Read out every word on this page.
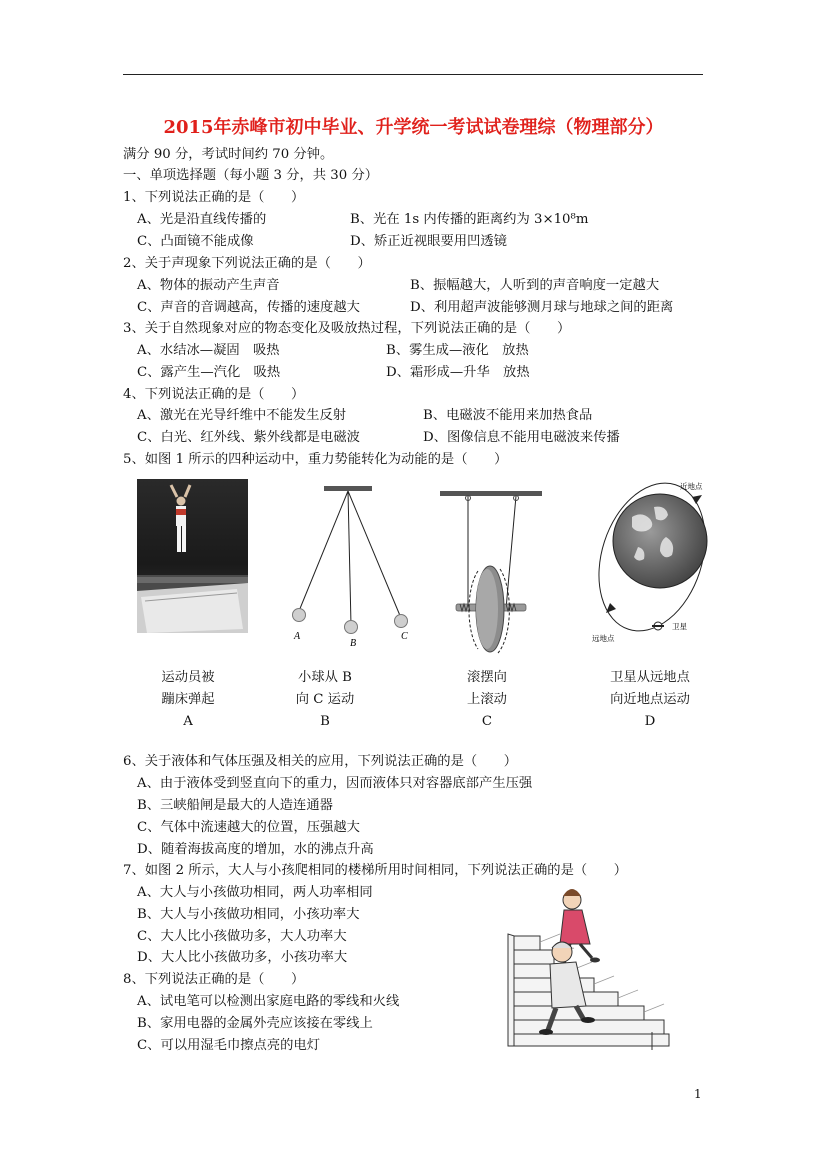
2015年赤峰市初中毕业、升学统一考试试卷理综（物理部分）
满分 90 分，考试时间约 70 分钟。
一、单项选择题（每小题 3 分，共 30 分）
1、下列说法正确的是（　　）
A、光是沿直线传播的	B、光在 1s 内传播的距离约为 3×10⁸m
C、凸面镜不能成像	D、矫正近视眼要用凹透镜
2、关于声现象下列说法正确的是（　　）
A、物体的振动产生声音	B、振幅越大，人听到的声音响度一定越大
C、声音的音调越高，传播的速度越大	D、利用超声波能够测月球与地球之间的距离
3、关于自然现象对应的物态变化及吸放热过程，下列说法正确的是（　　）
A、水结冰—凝固　吸热	B、雾生成—液化　放热
C、露产生—汽化　吸热	D、霜形成—升华　放热
4、下列说法正确的是（　　）
A、激光在光导纤维中不能发生反射	B、电磁波不能用来加热食品
C、白光、红外线、紫外线都是电磁波	D、图像信息不能用电磁波来传播
5、如图 1 所示的四种运动中，重力势能转化为动能的是（　　）
A
B
C
近地点
卫星
远地点
运动员被
蹦床弹起
A
小球从 B
向 C 运动
B
滚摆向
上滚动
C
卫星从远地点
向近地点运动
D
6、关于液体和气体压强及相关的应用，下列说法正确的是（　　）
A、由于液体受到竖直向下的重力，因而液体只对容器底部产生压强
B、三峡船闸是最大的人造连通器
C、气体中流速越大的位置，压强越大
D、随着海拔高度的增加，水的沸点升高
7、如图 2 所示，大人与小孩爬相同的楼梯所用时间相同，下列说法正确的是（　　）
A、大人与小孩做功相同，两人功率相同
B、大人与小孩做功相同，小孩功率大
C、大人比小孩做功多，大人功率大
D、大人比小孩做功多，小孩功率大
8、下列说法正确的是（　　）
A、试电笔可以检测出家庭电路的零线和火线
B、家用电器的金属外壳应该接在零线上
C、可以用湿毛巾擦点亮的电灯
1
